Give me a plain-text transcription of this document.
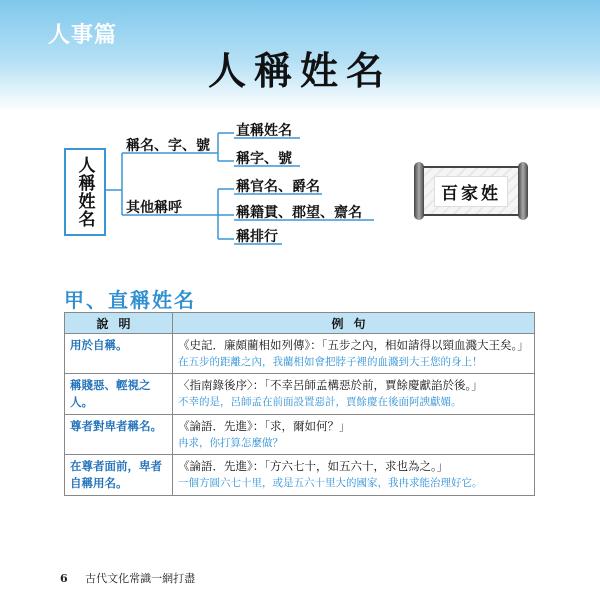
人事篇
人稱姓名
人稱姓名
稱名、字、號
其他稱呼
直稱姓名
稱字、號
稱官名、爵名
稱籍貫、郡望、齋名
稱排行
百家姓
甲、直稱姓名
說明	例句
用於自稱。	《史記．廉頗藺相如列傳》：「五步之內，相如請得以頸血濺大王矣。」
在五步的距離之內，我藺相如會把脖子裡的血濺到大王您的身上！

稱賤惡、輕視之人。	〈指南錄後序〉：「不幸呂師孟構惡於前，賈餘慶獻諂於後。」
不幸的是，呂師孟在前面設置惡計，賈餘慶在後面阿諛獻媚。

尊者對卑者稱名。	《論語．先進》：「求，爾如何？」
冉求，你打算怎麼做？

在尊者面前，卑者自稱用名。	《論語．先進》：「方六七十，如五六十，求也為之。」
一個方圓六七十里，或是五六十里大的國家，我冉求能治理好它。
6 古代文化常識一網打盡
